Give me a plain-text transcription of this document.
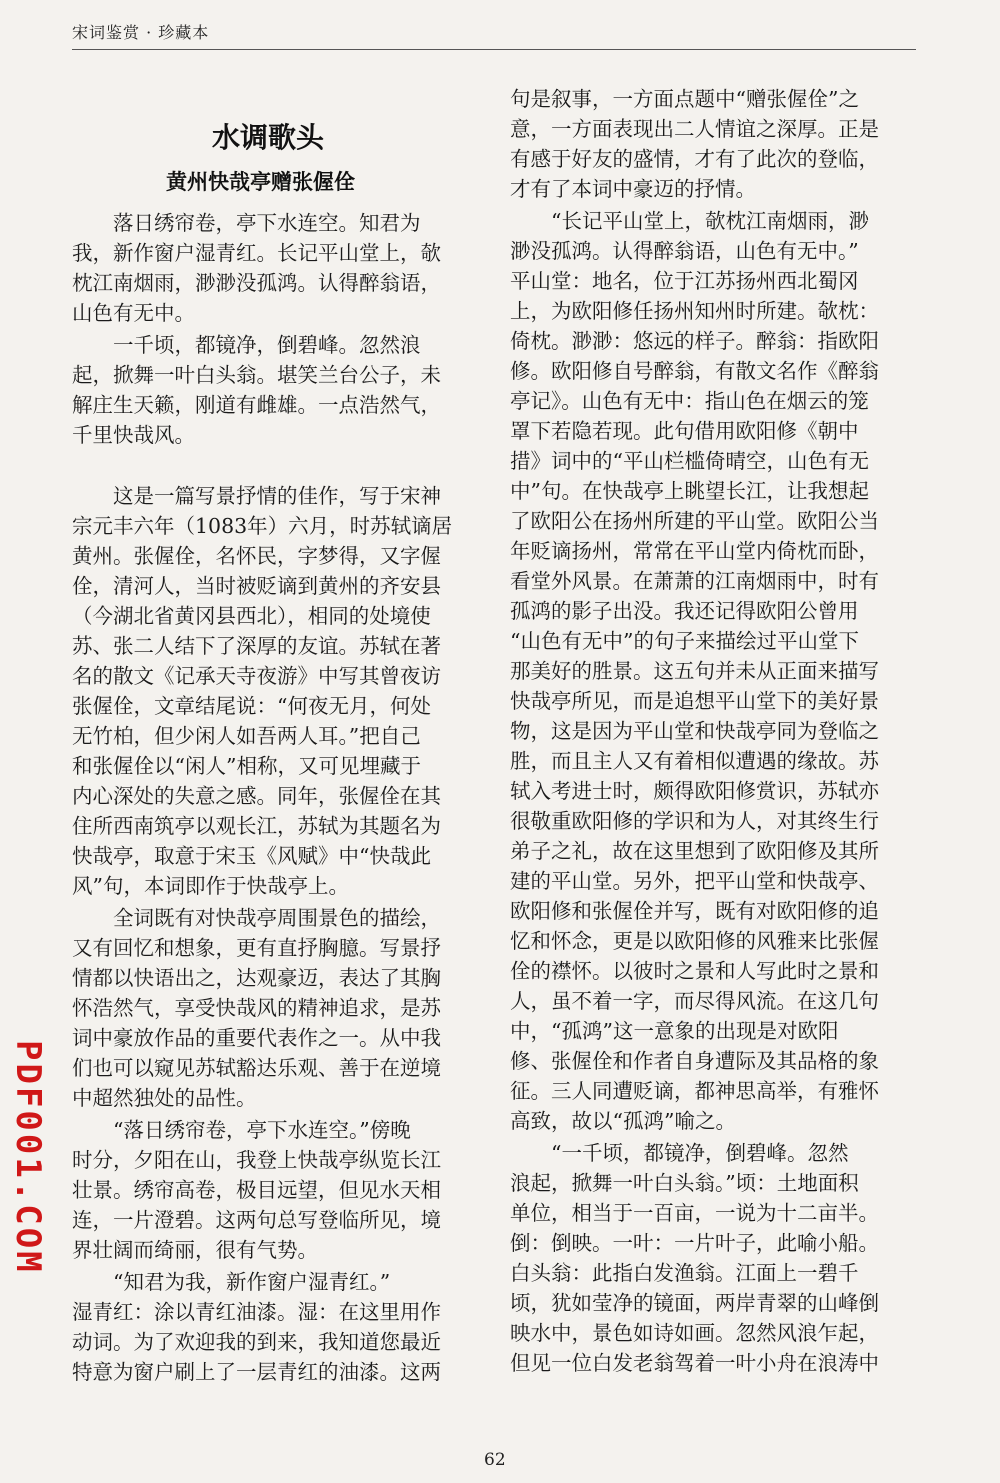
宋词鉴赏 · 珍藏本
水调歌头
黄州快哉亭赠张偓佺
落日绣帘卷，亭下水连空。知君为
我，新作窗户湿青红。长记平山堂上，欹
枕江南烟雨，渺渺没孤鸿。认得醉翁语，
山色有无中。
一千顷，都镜净，倒碧峰。忽然浪
起，掀舞一叶白头翁。堪笑兰台公子，未
解庄生天籁，刚道有雌雄。一点浩然气，
千里快哉风。
这是一篇写景抒情的佳作，写于宋神
宗元丰六年（1083年）六月，时苏轼谪居
黄州。张偓佺，名怀民，字梦得，又字偓
佺，清河人，当时被贬谪到黄州的齐安县
（今湖北省黄冈县西北），相同的处境使
苏、张二人结下了深厚的友谊。苏轼在著
名的散文《记承天寺夜游》中写其曾夜访
张偓佺，文章结尾说：“何夜无月，何处
无竹柏，但少闲人如吾两人耳。”把自己
和张偓佺以“闲人”相称，又可见埋藏于
内心深处的失意之感。同年，张偓佺在其
住所西南筑亭以观长江，苏轼为其题名为
快哉亭，取意于宋玉《风赋》中“快哉此
风”句，本词即作于快哉亭上。
全词既有对快哉亭周围景色的描绘，
又有回忆和想象，更有直抒胸臆。写景抒
情都以快语出之，达观豪迈，表达了其胸
怀浩然气，享受快哉风的精神追求，是苏
词中豪放作品的重要代表作之一。从中我
们也可以窥见苏轼豁达乐观、善于在逆境
中超然独处的品性。
“落日绣帘卷，亭下水连空。”傍晚
时分，夕阳在山，我登上快哉亭纵览长江
壮景。绣帘高卷，极目远望，但见水天相
连，一片澄碧。这两句总写登临所见，境
界壮阔而绮丽，很有气势。
“知君为我，新作窗户湿青红。”
湿青红：涂以青红油漆。湿：在这里用作
动词。为了欢迎我的到来，我知道您最近
特意为窗户刷上了一层青红的油漆。这两
句是叙事，一方面点题中“赠张偓佺”之
意，一方面表现出二人情谊之深厚。正是
有感于好友的盛情，才有了此次的登临，
才有了本词中豪迈的抒情。
“长记平山堂上，欹枕江南烟雨，渺
渺没孤鸿。认得醉翁语，山色有无中。”
平山堂：地名，位于江苏扬州西北蜀冈
上，为欧阳修任扬州知州时所建。欹枕：
倚枕。渺渺：悠远的样子。醉翁：指欧阳
修。欧阳修自号醉翁，有散文名作《醉翁
亭记》。山色有无中：指山色在烟云的笼
罩下若隐若现。此句借用欧阳修《朝中
措》词中的“平山栏槛倚晴空，山色有无
中”句。在快哉亭上眺望长江，让我想起
了欧阳公在扬州所建的平山堂。欧阳公当
年贬谪扬州，常常在平山堂内倚枕而卧，
看堂外风景。在萧萧的江南烟雨中，时有
孤鸿的影子出没。我还记得欧阳公曾用
“山色有无中”的句子来描绘过平山堂下
那美好的胜景。这五句并未从正面来描写
快哉亭所见，而是追想平山堂下的美好景
物，这是因为平山堂和快哉亭同为登临之
胜，而且主人又有着相似遭遇的缘故。苏
轼入考进士时，颇得欧阳修赏识，苏轼亦
很敬重欧阳修的学识和为人，对其终生行
弟子之礼，故在这里想到了欧阳修及其所
建的平山堂。另外，把平山堂和快哉亭、
欧阳修和张偓佺并写，既有对欧阳修的追
忆和怀念，更是以欧阳修的风雅来比张偓
佺的襟怀。以彼时之景和人写此时之景和
人，虽不着一字，而尽得风流。在这几句
中，“孤鸿”这一意象的出现是对欧阳
修、张偓佺和作者自身遭际及其品格的象
征。三人同遭贬谪，都神思高举，有雅怀
高致，故以“孤鸿”喻之。
“一千顷，都镜净，倒碧峰。忽然
浪起，掀舞一叶白头翁。”顷：土地面积
单位，相当于一百亩，一说为十二亩半。
倒：倒映。一叶：一片叶子，此喻小船。
白头翁：此指白发渔翁。江面上一碧千
顷，犹如莹净的镜面，两岸青翠的山峰倒
映水中，景色如诗如画。忽然风浪乍起，
但见一位白发老翁驾着一叶小舟在浪涛中
PDF001.COM
62
